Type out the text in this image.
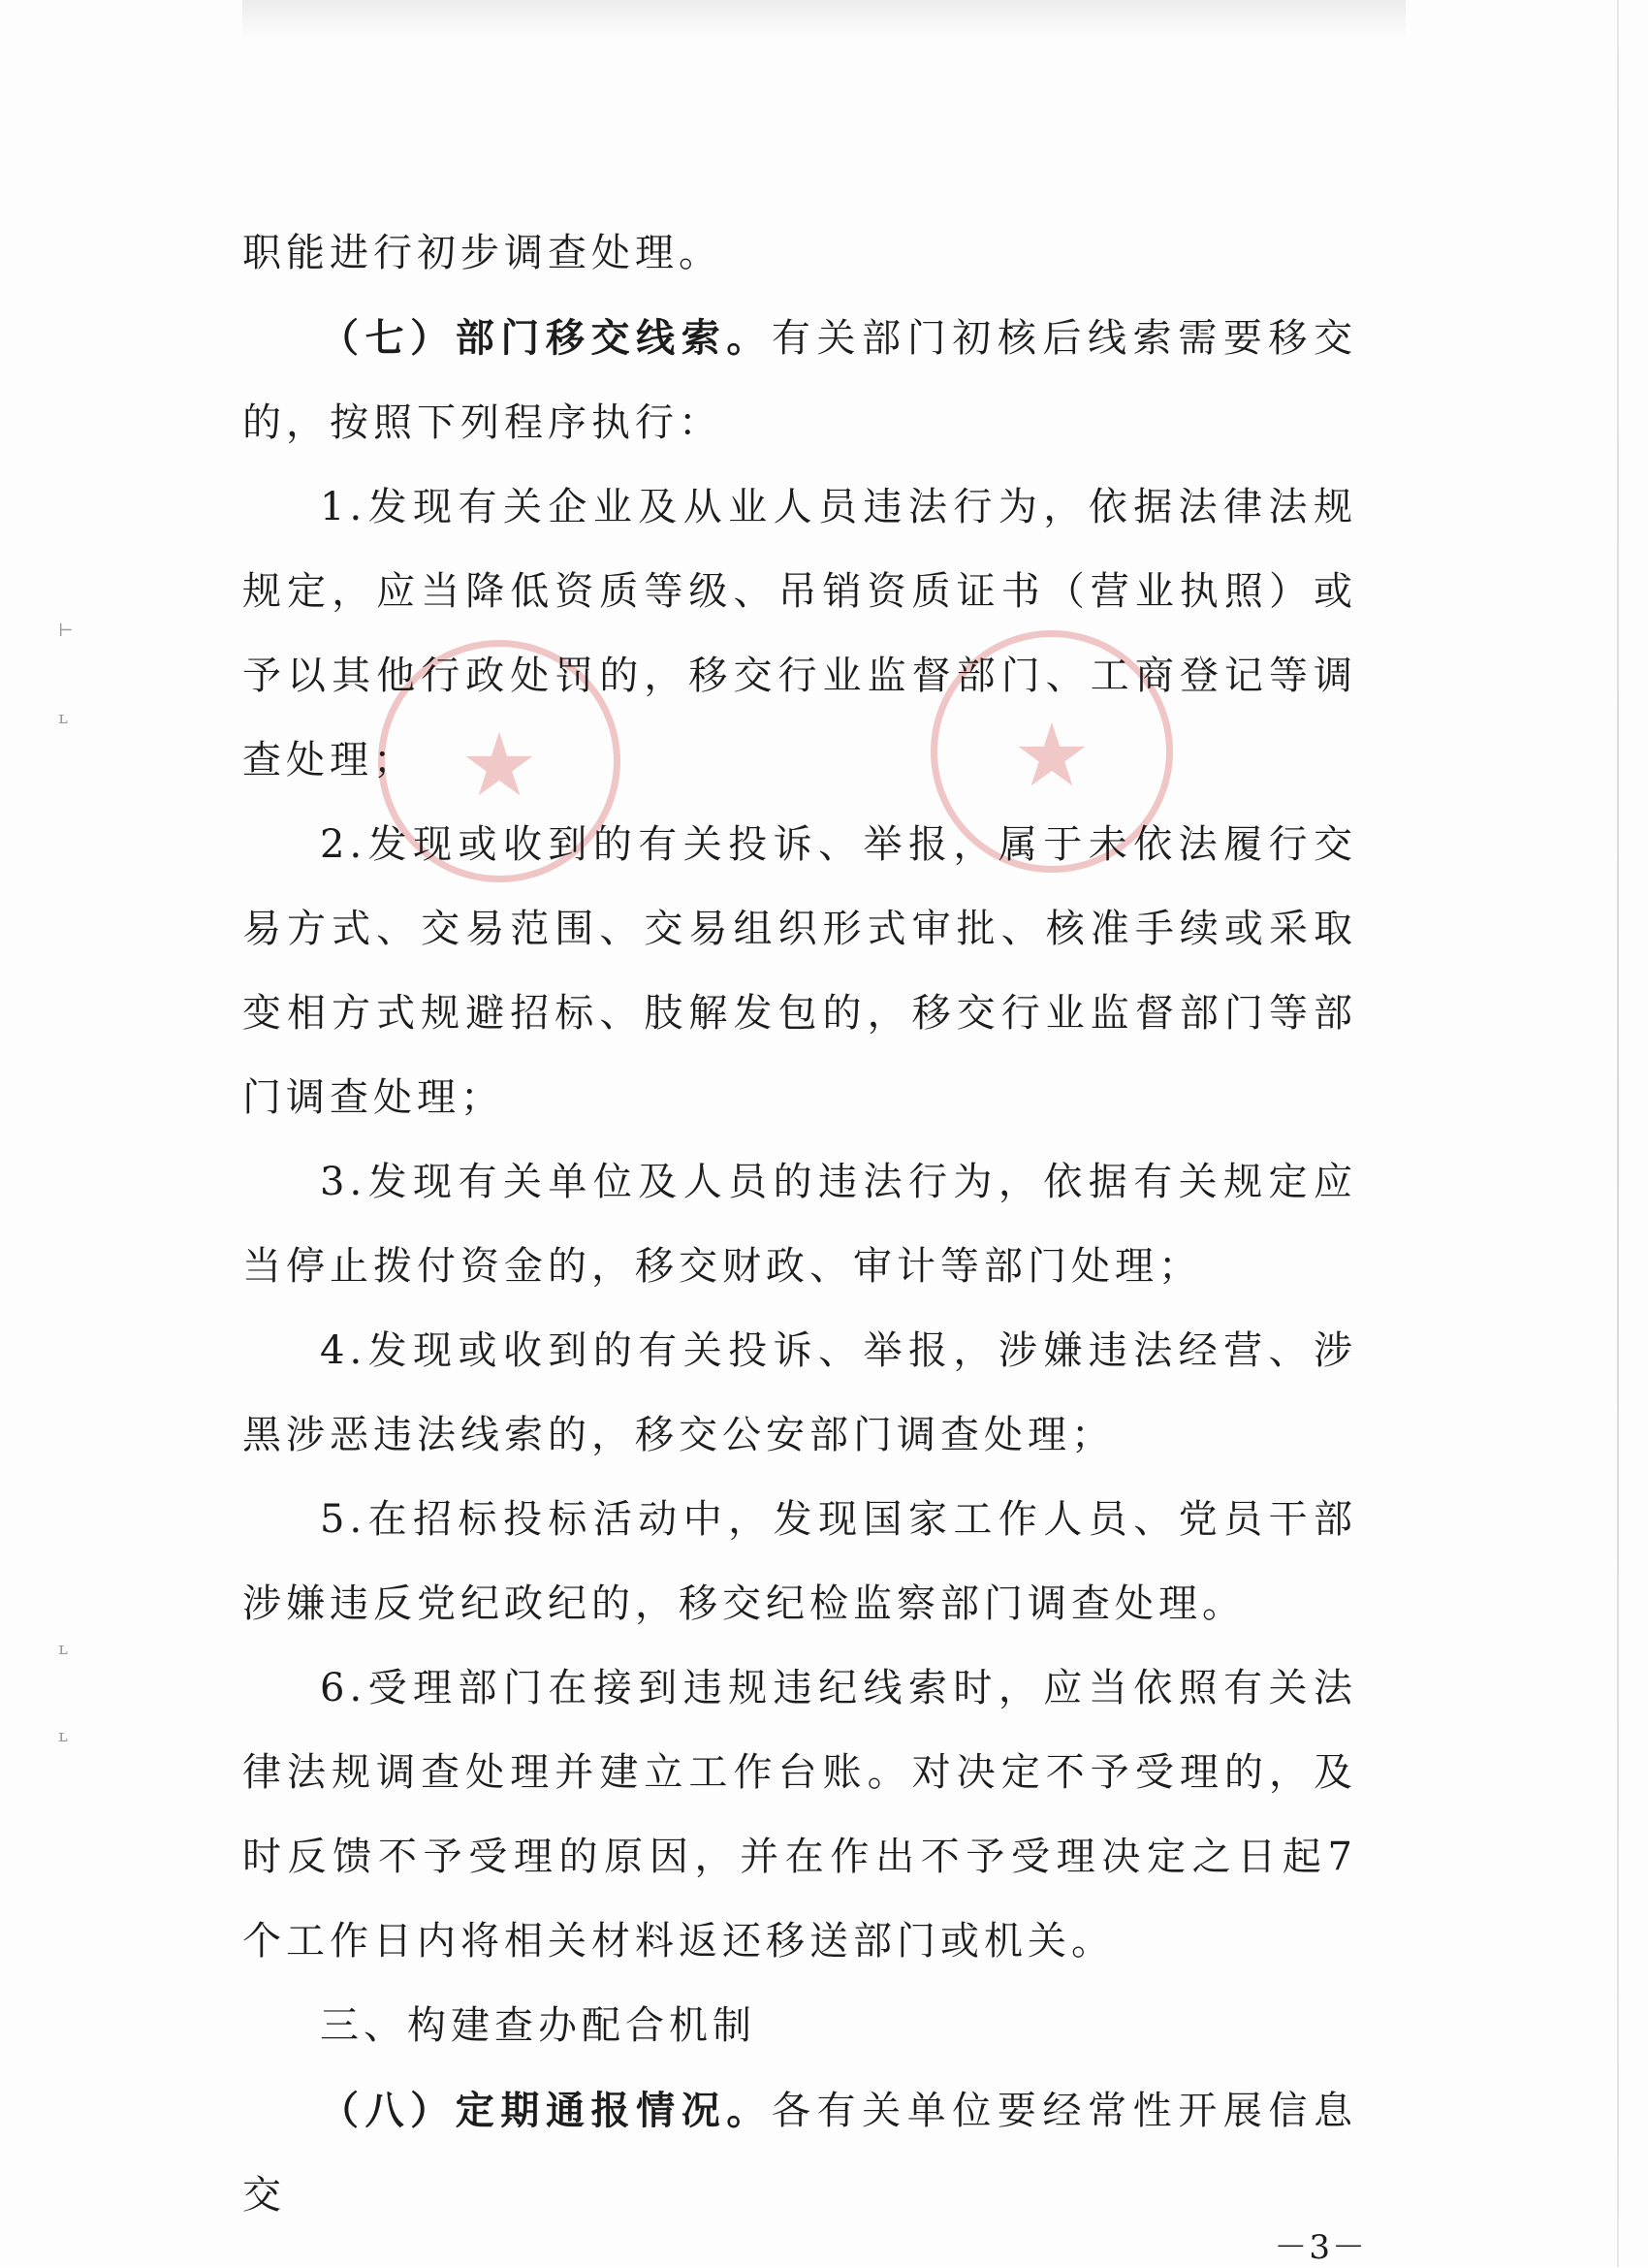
★	★
⊢
ʟ
ʟ
ʟ

职能进行初步调查处理。

（七）部门移交线索。有关部门初核后线索需要移交的，按照下列程序执行：

1.发现有关企业及从业人员违法行为，依据法律法规规定，应当降低资质等级、吊销资质证书（营业执照）或予以其他行政处罚的，移交行业监督部门、工商登记等调查处理；

2.发现或收到的有关投诉、举报，属于未依法履行交易方式、交易范围、交易组织形式审批、核准手续或采取变相方式规避招标、肢解发包的，移交行业监督部门等部门调查处理；

3.发现有关单位及人员的违法行为，依据有关规定应当停止拨付资金的，移交财政、审计等部门处理；

4.发现或收到的有关投诉、举报，涉嫌违法经营、涉黑涉恶违法线索的，移交公安部门调查处理；

5.在招标投标活动中，发现国家工作人员、党员干部涉嫌违反党纪政纪的，移交纪检监察部门调查处理。

6.受理部门在接到违规违纪线索时，应当依照有关法律法规调查处理并建立工作台账。对决定不予受理的，及时反馈不予受理的原因，并在作出不予受理决定之日起7个工作日内将相关材料返还移送部门或机关。

三、构建查办配合机制

（八）定期通报情况。各有关单位要经常性开展信息交

－3－
